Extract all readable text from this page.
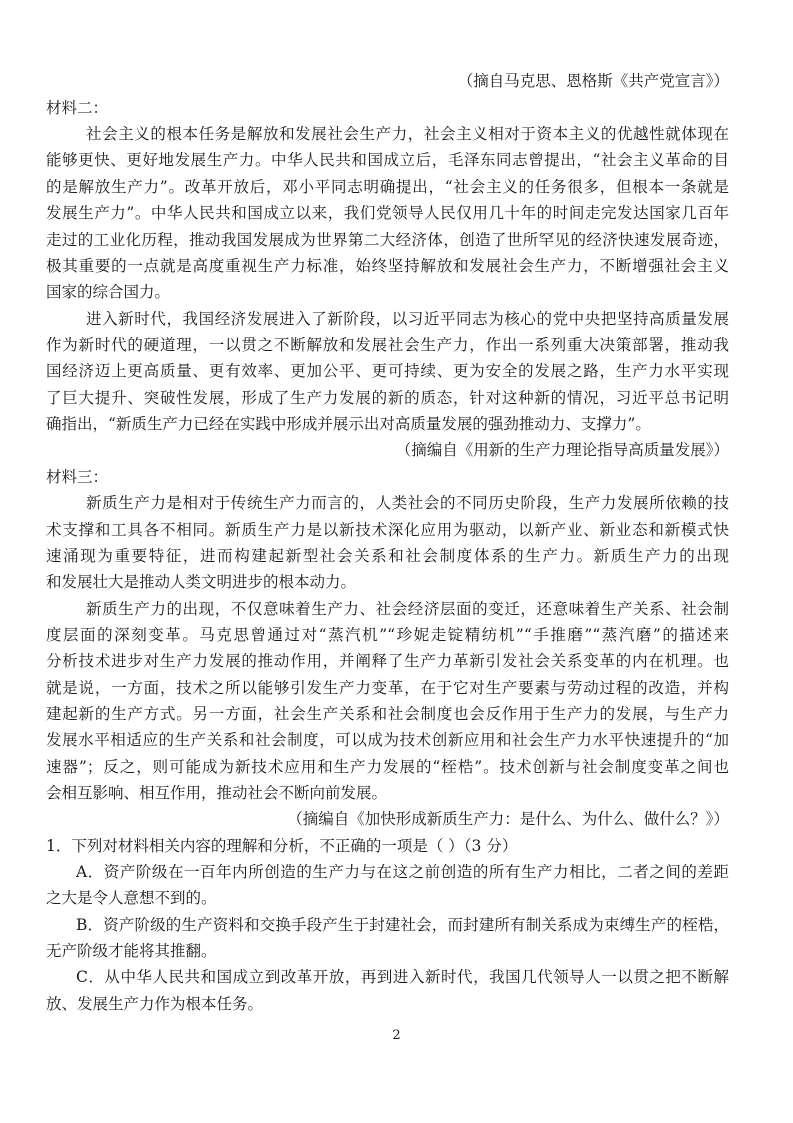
（摘自马克思、恩格斯《共产党宣言》）
材料二：
社会主义的根本任务是解放和发展社会生产力，社会主义相对于资本主义的优越性就体现在
能够更快、更好地发展生产力。中华人民共和国成立后，毛泽东同志曾提出，“社会主义革命的目
的是解放生产力”。改革开放后，邓小平同志明确提出，“社会主义的任务很多，但根本一条就是
发展生产力”。中华人民共和国成立以来，我们党领导人民仅用几十年的时间走完发达国家几百年
走过的工业化历程，推动我国发展成为世界第二大经济体，创造了世所罕见的经济快速发展奇迹，
极其重要的一点就是高度重视生产力标准，始终坚持解放和发展社会生产力，不断增强社会主义
国家的综合国力。
进入新时代，我国经济发展进入了新阶段，以习近平同志为核心的党中央把坚持高质量发展
作为新时代的硬道理，一以贯之不断解放和发展社会生产力，作出一系列重大决策部署，推动我
国经济迈上更高质量、更有效率、更加公平、更可持续、更为安全的发展之路，生产力水平实现
了巨大提升、突破性发展，形成了生产力发展的新的质态，针对这种新的情况，习近平总书记明
确指出，“新质生产力已经在实践中形成并展示出对高质量发展的强劲推动力、支撑力”。
（摘编自《用新的生产力理论指导高质量发展》）
材料三：
新质生产力是相对于传统生产力而言的，人类社会的不同历史阶段，生产力发展所依赖的技
术支撑和工具各不相同。新质生产力是以新技术深化应用为驱动，以新产业、新业态和新模式快
速涌现为重要特征，进而构建起新型社会关系和社会制度体系的生产力。新质生产力的出现
和发展壮大是推动人类文明进步的根本动力。
新质生产力的出现，不仅意味着生产力、社会经济层面的变迁，还意味着生产关系、社会制
度层面的深刻变革。马克思曾通过对“蒸汽机”“珍妮走锭精纺机”“手推磨”“蒸汽磨”的描述来
分析技术进步对生产力发展的推动作用，并阐释了生产力革新引发社会关系变革的内在机理。也
就是说，一方面，技术之所以能够引发生产力变革，在于它对生产要素与劳动过程的改造，并构
建起新的生产方式。另一方面，社会生产关系和社会制度也会反作用于生产力的发展，与生产力
发展水平相适应的生产关系和社会制度，可以成为技术创新应用和社会生产力水平快速提升的“加
速器”；反之，则可能成为新技术应用和生产力发展的“桎梏”。技术创新与社会制度变革之间也
会相互影响、相互作用，推动社会不断向前发展。
（摘编自《加快形成新质生产力：是什么、为什么、做什么？》）
1．下列对材料相关内容的理解和分析，不正确的一项是（ ）（3 分）
A．资产阶级在一百年内所创造的生产力与在这之前创造的所有生产力相比，二者之间的差距
之大是令人意想不到的。
B．资产阶级的生产资料和交换手段产生于封建社会，而封建所有制关系成为束缚生产的桎梏，
无产阶级才能将其推翻。
C．从中华人民共和国成立到改革开放，再到进入新时代，我国几代领导人一以贯之把不断解
放、发展生产力作为根本任务。
2
